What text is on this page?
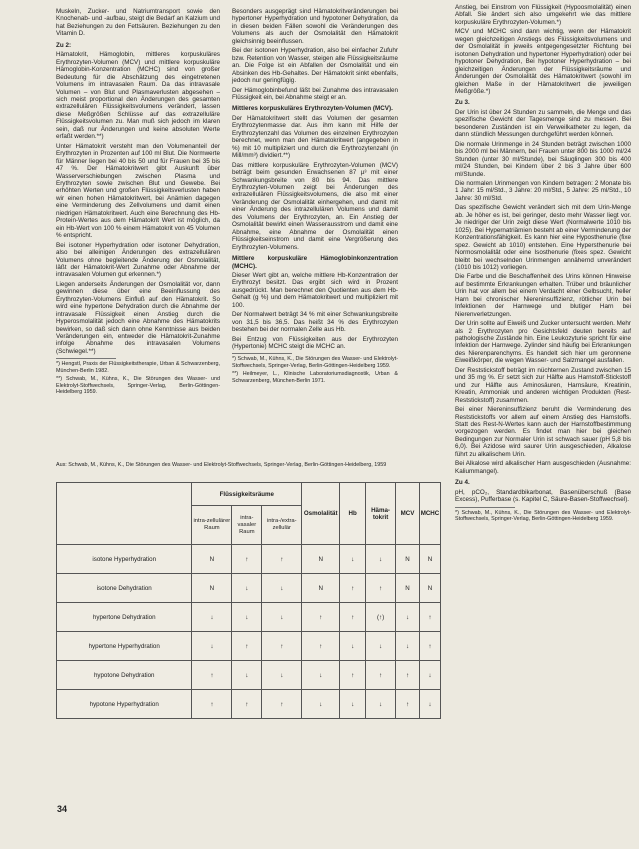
Muskeln, Zucker- und Natriumtransport sowie den Knochenab- und -aufbau, steigt die Bedarf an Kalzium und hat Beziehungen zu den Fettsäuren. Beziehungen zu den Vitamin D.

Zu 2:

Hämatokrit, Hämoglobin, mittleres korpuskuläres Erythrozyten-Volumen (MCV) und mittlere korpuskuläre Hämoglobin-Konzentration (MCHC) sind von großer Bedeutung für die Abschätzung des eingetretenen Volumens im intravasalen Raum. Da das intravasale Volumen – von Blut und Plasmaverlusten abgesehen – sich meist proportional den Änderungen des gesamten extrazellulären Flüssigkeitsvolumens verändert, lassen diese Meßgrößen Schlüsse auf das extrazelluläre Flüssigkeitsvolumen zu. Man muß sich jedoch im klaren sein, daß nur Änderungen und keine absoluten Werte erfaßt werden.**)

Unter Hämatokrit versteht man den Volumenanteil der Erythrozyten in Prozenten auf 100 ml Blut. Die Normwerte für Männer liegen bei 40 bis 50 und für Frauen bei 35 bis 47 %. Der Hämatokritwert gibt Auskunft über Wasserverschiebungen zwischen Plasma und Erythrozyten sowie zwischen Blut und Gewebe. Bei erhöhten Werten und großen Flüssigkeitsverlusten haben wir einen hohen Hämatokritwert, bei Anämien dagegen eine Verminderung des Zellvolumens und damit einen niedrigen Hämatokritwert. Auch eine Berechnung des Hb-Protein-Wertes aus dem Hämatokrit Wert ist möglich, da ein Hb-Wert von 100 % einem Hämatokrit von 45 Volumen % entspricht.

Bei isotoner Hyperhydration oder isotoner Dehydration, also bei alleinigen Änderungen des extrazellulären Volumens ohne begleitende Änderung der Osmolalität, läßt der Hämatokrit-Wert Zunahme oder Abnahme der intravasalen Volumen gut erkennen.*)

Liegen anderseits Änderungen der Osmolalität vor, dann gewinnen diese über eine Beeinflussung des Erythrozyten-Volumens Einfluß auf den Hämatokrit. So wird eine hypertone Dehydration durch die Abnahme der intravasale Flüssigkeit einen Anstieg durch die Hyperosmolalität jedoch eine Abnahme des Hämatokrits bewirken, so daß sich dann ohne Kenntnisse aus beiden Veränderungen ein, entweder die Hämatokrit-Zunahme infolge Abnahme des intravasalen Volumens (Schwiegel.**)

*) Hengstl, Praxis der Flüssigkeitstherapie, Urban & Schwarzenberg, München-Berlin 1982.

**) Schwab, M., Kühns, K., Die Störungen des Wasser- und Elektrolyt-Stoffwechsels, Springer-Verlag, Berlin-Göttingen-Heidelberg 1959.

Besonders ausgeprägt sind Hämatokritveränderungen bei hypertoner Hyperhydration und hypotoner Dehydration, da in diesen beiden Fällen sowohl die Veränderungen des Volumens als auch der Osmolalität den Hämatokrit gleichsinnig beeinflussen.

Bei der isotonen Hyperhydration, also bei einfacher Zufuhr bzw. Retention von Wasser, steigen alle Flüssigkeitsräume an. Die Folge ist ein Abfallen der Osmolalität und ein Absinken des Hb-Gehaltes. Der Hämatokrit sinkt ebenfalls, jedoch nur geringfügig.

Der Hämoglobinbefund läßt bei Zunahme des intravasalen Flüssigkeit ein, bei Abnahme steigt er an.

Mittleres korpuskuläres Erythrozyten-Volumen (MCV).

Der Hämatokritwert stellt das Volumen der gesamten Erythrozytenmasse dar. Aus ihm kann mit Hilfe der Erythrozytenzahl das Volumen des einzelnen Erythrozyten berechnet, wenn man den Hämatokritwert (angegeben in %) mit 10 multipliziert und durch die Erythrozytenzahl (in Mill/mm³) dividiert.**)

Das mittlere korpuskuläre Erythrozyten-Volumen (MCV) beträgt beim gesunden Erwachsenen 87 µ³ mit einer Schwankungsbreite von 80 bis 94. Das mittlere Erythrozyten-Volumen zeigt bei Änderungen des extrazellulären Flüssigkeitsvolumens, die also mit einer Veränderung der Osmolalität einhergehen, und damit mit einer Änderung des intrazellulären Volumens und damit des Volumens der Erythrozyten, an. Ein Anstieg der Osmolalität bewirkt einen Wasserausstrom und damit eine Abnahme, eine Abnahme der Osmolalität einen Flüssigkeitseinstrom und damit eine Vergrößerung des Erythrozyten-Volumens.

Mittlere korpuskuläre Hämoglobinkonzentration (MCHC).

Dieser Wert gibt an, welche mittlere Hb-Konzentration der Erythrozyt besitzt. Das ergibt sich wird in Prozent ausgedrückt. Man berechnet den Quotienten aus dem Hb-Gehalt (g %) und dem Hämatokritwert und multipliziert mit 100.

Der Normalwert beträgt 34 % mit einer Schwankungsbreite von 31,5 bis 36,5. Das heißt 34 % des Erythrozyten bestehen bei der normalen Zelle aus Hb.

Bei Entzug von Flüssigkeiten aus der Erythrozyten (Hypertonie) MCHC steigt die MCHC an.

*) Schwab, M., Kühns, K., Die Störungen des Wasser- und Elektrolyt-Stoffwechsels, Springer-Verlag, Berlin-Göttingen-Heidelberg 1959.

**) Heilmeyer, L., Klinische Laboratoriumsdiagnostik, Urban & Schwarzenberg, München-Berlin 1971.

Anstieg, bei Einstrom von Flüssigkeit (Hypoosmolalität) einen Abfall. Sie ändert sich also umgekehrt wie das mittlere korpuskuläre Erythrozyten-Volumen.*)

MCV und MCHC sind dann wichtig, wenn der Hämatokrit wegen gleichzeitigen Anstiegs des Flüssigkeitsvolumens und der Osmolalität in jeweils entgegengesetzter Richtung bei isotonen Dehydration und hypertoner Hyperhydration) oder bei hypotoner Dehydration, Bei hypotoner Hyperhydration – bei gleichzeitigen Änderungen der Flüssigkeitsräume und Änderungen der Osmolalität des Hämatokritwert (sowohl im gleichen Maße in der Hämatokritwert die jeweiligen Meßgröße.*)

Zu 3.

Der Urin ist über 24 Stunden zu sammeln, die Menge und das spezifische Gewicht der Tagesmenge sind zu messen. Bei besonderen Zuständen ist ein Verweilkatheter zu legen, da dann stündlich Messungen durchgeführt werden können.

Die normale Urinmenge in 24 Stunden beträgt zwischen 1000 bis 2000 ml bei Männern, bei Frauen unter 800 bis 1000 ml/24 Stunden (unter 30 ml/Stunde), bei Säuglingen 300 bis 400 ml/24 Stunden, bei Kindern über 2 bis 3 Jahre über 600 ml/Stunde.

Die normalen Urinmengen von Kindern betragen: 2 Monate bis 1 Jahr: 15 ml/Std., 3 Jahre: 20 ml/Std., 5 Jahre: 25 ml/Std., 10 Jahre: 30 ml/Std.

Das spezifische Gewicht verändert sich mit dem Urin-Menge ab. Je höher es ist, bei geringer, desto mehr Wasser liegt vor. Je niedriger der Urin zeigt diese Wert (Normalwerte 1010 bis 1025). Bei Hypernatriämien besteht ab einer Verminderung der Konzentrationsfähigkeit. Es kann hier eine Hyposthenurie (fixe spez. Gewicht ab 1010) entstehen. Eine Hypersthenurie bei Normosmolalität oder eine Isosthenurie (fixes spez. Gewicht bleibt bei wechselnden Urinmengen annähernd unverändert (1010 bis 1012) vorliegen.

Die Farbe und die Beschaffenheit des Urins können Hinweise auf bestimmte Erkrankungen erhalten. Trüber und bräunlicher Urin hat vor allem bei einem Verdacht einer Gelbsucht, heller Harn bei chronischer Niereninsuffizienz, rötlicher Urin bei Infektionen der Harnwege und blutiger Harn bei Nierenverletzungen.

Der Urin sollte auf Eiweiß und Zucker untersucht werden. Mehr als 2 Erythrozyten pro Gesichtsfeld deuten bereits auf pathologische Zustände hin. Eine Leukozyturie spricht für eine Infektion der Harnwege. Zylinder sind häufig bei Erkrankungen des Nierenparenchyms. Es handelt sich hier um geronnene Eiweißkörper, die wegen Wasser- und Salzmangel ausfallen.

Der Reststickstoff beträgt im nüchternen Zustand zwischen 15 und 35 mg %. Er setzt sich zur Hälfte aus Harnstoff-Stickstoff und zur Hälfte aus Aminosäuren, Harnsäure, Kreatinin, Kreatin, Ammoniak und anderen wichtigen Produkten (Rest-Reststickstoff) zusammen.

Bei einer Niereninsuffizienz beruht die Verminderung des Reststickstoffs vor allem auf einem Anstieg des Harnstoffs. Statt des Rest-N-Wertes kann auch der Harnstoffbestimmung vorgezogen werden. Es findet man hier bei gleichen Bedingungen zur Normaler Urin ist schwach sauer (pH 5,8 bis 6,0). Bei Azidose wird saurer Urin ausgeschieden, Alkalose führt zu alkalischem Urin.

Bei Alkalose wird alkalischer Harn ausgeschieden (Ausnahme: Kaliummangel).

Zu 4.

pH, pCO₂, Standardbikarbonat, Basenüberschuß (Base Excess), Pufferbase (s. Kapitel C, Säure-Basen-Stoffwechsel).

*) Schwab, M., Kühns, K., Die Störungen des Wasser- und Elektrolyt-Stoffwechsels, Springer-Verlag, Berlin-Göttingen-Heidelberg 1959.

Aus: Schwab, M., Kühns, K., Die Störungen des Wasser- und Elektrolyt-Stoffwechsels, Springer-Verlag, Berlin-Göttingen-Heidelberg, 1959
	Flüssigkeitsräume			Osmolalität	Hb	Häma-tokrit	MCV	MCHC
	intra-zellulärer Raum	intra-vasaler Raum	intra-/extra-zellulär					
isotone Hyperhydration	N	↑	↑	N	↓	↓	N	N
isotone Dehydration	N	↓	↓	N	↑	↑	N	N
hypertone Dehydration	↓	↓	↓	↑	↑	(↑)	↓	↑
hypertone Hyperhydration	↓	↑	↑	↑	↓	↓	↓	↑
hypotone Dehydration	↑	↓	↓	↓	↑	↑	↑	↓
hypotone Hyperhydration	↑	↑	↑	↓	↓	↓	↑	↓
34
